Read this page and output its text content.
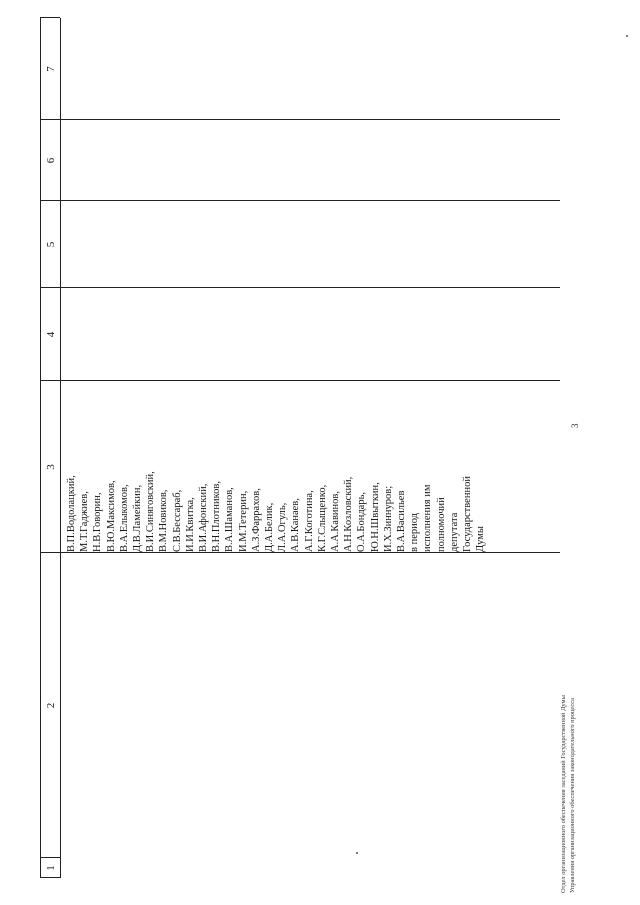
1
2
3
4
5
6
7
В.П.Водолацкий, М.Т.Гаджиев, Н.В.Говорин, В.Ю.Максимов, В.А.Елыкомов, Д.В.Ламейкин, В.И.Синяговский, В.М.Новиков, С.В.Бессараб, И.И.Квитка, В.И.Афонский, В.Н.Плотников, В.А.Шаманов, И.М.Тетерин, А.З.Фаррахов, Д.А.Белик, Л.А.Огуль, А.В.Канаев, А.Г.Коготина, К.Г.Слыщенко, А.А.Кавинов, А.Н.Козловский, О.А.Бондарь, Ю.Н.Швыткин, И.Х.Зиннуров; В.А.Васильев в период исполнения им полномочий депутата Государственной Думы
3
Отдел организационного обеспечения заседаний Государственной Думы Управления организационного обеспечения законодательного процесса
